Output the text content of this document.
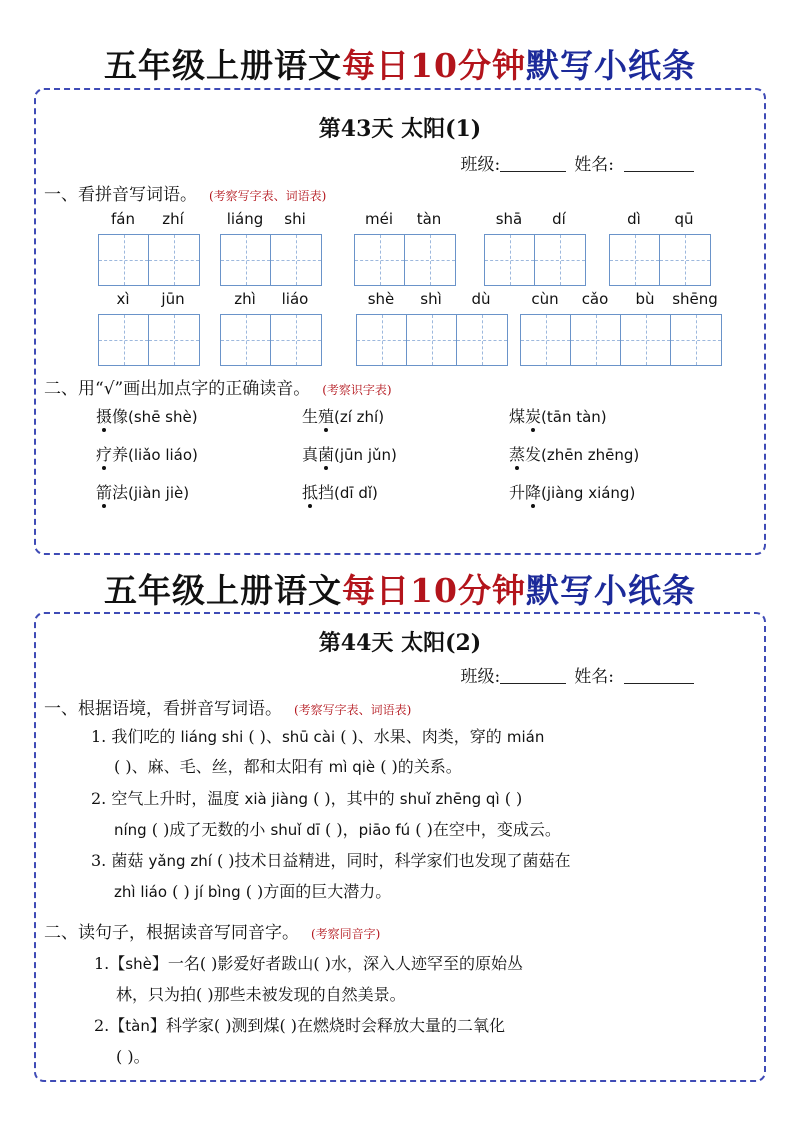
五年级上册语文每日10分钟默写小纸条
第43天 太阳(1)
班级:	姓名:
一、看拼音写词语。 (考察写字表、词语表)
fán	zhí	liáng	shi	méi	tàn	shā	dí	dì	qū
xì	jūn	zhì	liáo	shè	shì	dù	cùn	cǎo	bù	shēng
二、用“√”画出加点字的正确读音。 (考察识字表)
摄像(shē shè)	生殖(zí zhí)	煤炭(tān tàn)
疗养(liǎo liáo)	真菌(jūn jǔn)	蒸发(zhēn zhēng)
箭法(jiàn jiè)	抵挡(dī dǐ)	升降(jiàng xiáng)
五年级上册语文每日10分钟默写小纸条
第44天 太阳(2)
班级:	姓名:
一、根据语境，看拼音写词语。 (考察写字表、词语表)
1. 我们吃的 liáng shi ( )、shū cài ( )、水果、肉类，穿的 mián
( )、麻、毛、丝，都和太阳有 mì qiè ( )的关系。
2. 空气上升时，温度 xià jiàng ( )，其中的 shuǐ zhēng qì ( )
níng ( )成了无数的小 shuǐ dī ( )，piāo fú ( )在空中，变成云。
3. 菌菇 yǎng zhí ( )技术日益精进，同时，科学家们也发现了菌菇在
zhì liáo ( ) jí bìng ( )方面的巨大潜力。
二、读句子，根据读音写同音字。 (考察同音字)
1.【shè】一名( )影爱好者跋山( )水，深入人迹罕至的原始丛
林，只为拍( )那些未被发现的自然美景。
2.【tàn】科学家( )测到煤( )在燃烧时会释放大量的二氧化
( )。
